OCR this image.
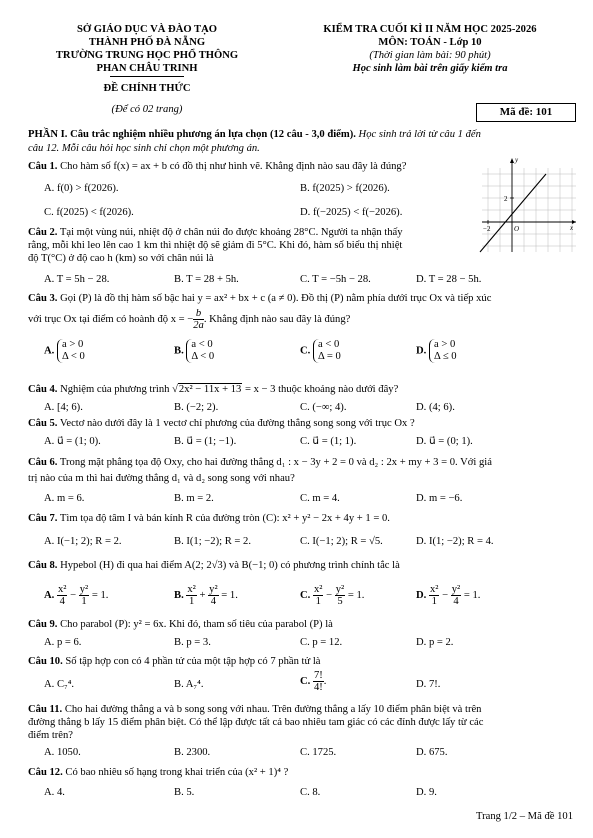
SỞ GIÁO DỤC VÀ ĐÀO TẠO
THÀNH PHỐ ĐÀ NẴNG
TRƯỜNG TRUNG HỌC PHỔ THÔNG
PHAN CHÂU TRINH
ĐỀ CHÍNH THỨC
(Để có 02 trang)
KIỂM TRA CUỐI KÌ II NĂM HỌC 2025-2026
MÔN: TOÁN - Lớp 10
(Thời gian làm bài: 90 phút)
Học sinh làm bài trên giấy kiểm tra
Mã đề: 101
PHẦN I. Câu trắc nghiệm nhiều phương án lựa chọn (12 câu - 3,0 điểm). Học sinh trả lời từ câu 1 đến
câu 12. Mỗi câu hỏi học sinh chỉ chọn một phương án.
Câu 1. Cho hàm số f(x) = ax + b có đồ thị như hình vẽ. Khẳng định nào sau đây là đúng?
A. f(0) > f(2026).	B. f(2025) > f(2026).
C. f(2025) < f(2026).	D. f(−2025) < f(−2026).
y
x
2
−2	O
Câu 2. Tại một vùng núi, nhiệt độ ở chân núi đo được khoảng 28°C. Người ta nhận thấy
rằng, mỗi khi leo lên cao 1 km thì nhiệt độ sẽ giảm đi 5°C. Khi đó, hàm số biểu thị nhiệt
độ T(°C) ở độ cao h (km) so với chân núi là
A. T = 5h − 28.	B. T = 28 + 5h.	C. T = −5h − 28.	D. T = 28 − 5h.
Câu 3. Gọi (P) là đồ thị hàm số bậc hai y = ax² + bx + c (a ≠ 0). Đồ thị (P) nằm phía dưới trục Ox và tiếp xúc
với trục Ox tại điểm có hoành độ x = − $\frac{b}{2a}$ . Khẳng định nào sau đây là đúng?
A. a > 0
Δ < 0
B. a < 0
Δ < 0
C. a < 0
Δ = 0
D. a > 0
Δ ≤ 0
Câu 4. Nghiệm của phương trình √2x² − 11x + 13 = x − 3 thuộc khoảng nào dưới đây?
A. [4; 6).	B. (−2; 2).	C. (−∞; 4).	D. (4; 6).
Câu 5. Vectơ nào dưới đây là 1 vectơ chỉ phương của đường thẳng song song với trục Ox ?
A. u⃗ = (1; 0).	B. u⃗ = (1; −1).	C. u⃗ = (1; 1).	D. u⃗ = (0; 1).
Câu 6. Trong mặt phẳng tọa độ Oxy, cho hai đường thẳng d₁ : x − 3y + 2 = 0 và d₂ : 2x + my + 3 = 0. Với giá
trị nào của m thì hai đường thẳng d₁ và d₂ song song với nhau?
A. m = 6.	B. m = 2.	C. m = 4.	D. m = −6.
Câu 7. Tìm tọa độ tâm I và bán kính R của đường tròn (C): x² + y² − 2x + 4y + 1 = 0.
A. I(−1; 2); R = 2.	B. I(1; −2); R = 2.	C. I(−1; 2); R = √5.	D. I(1; −2); R = 4.
Câu 8. Hypebol (H) đi qua hai điểm A(2; 2√3) và B(−1; 0) có phương trình chính tắc là
A. $\frac{\text{x²}}{4} - \frac{\text{y²}}{1} = 1$.	B. $\frac{\text{x²}}{1} + \frac{\text{y²}}{4} = 1$.	C. $\frac{\text{x²}}{1} - \frac{\text{y²}}{5} = 1$.	D. $\frac{\text{x²}}{1} - \frac{\text{y²}}{4} = 1$.
Câu 9. Cho parabol (P): y² = 6x. Khi đó, tham số tiêu của parabol (P) là
A. p = 6.	B. p = 3.	C. p = 12.	D. p = 2.
Câu 10. Số tập hợp con có 4 phần tử của một tập hợp có 7 phần tử là
A. C₇⁴.	B. A₇⁴.	C. $\frac{7!}{4!}$ .	D. 7!.
Câu 11. Cho hai đường thẳng a và b song song với nhau. Trên đường thẳng a lấy 10 điểm phân biệt và trên
đường thẳng b lấy 15 điểm phân biệt. Có thể lập được tất cả bao nhiêu tam giác có các đỉnh được lấy từ các
điểm trên?
A. 1050.	B. 2300.	C. 1725.	D. 675.
Câu 12. Có bao nhiêu số hạng trong khai triển của (x² + 1)⁴ ?
A. 4.	B. 5.	C. 8.	D. 9.
Trang 1/2 – Mã đề 101
